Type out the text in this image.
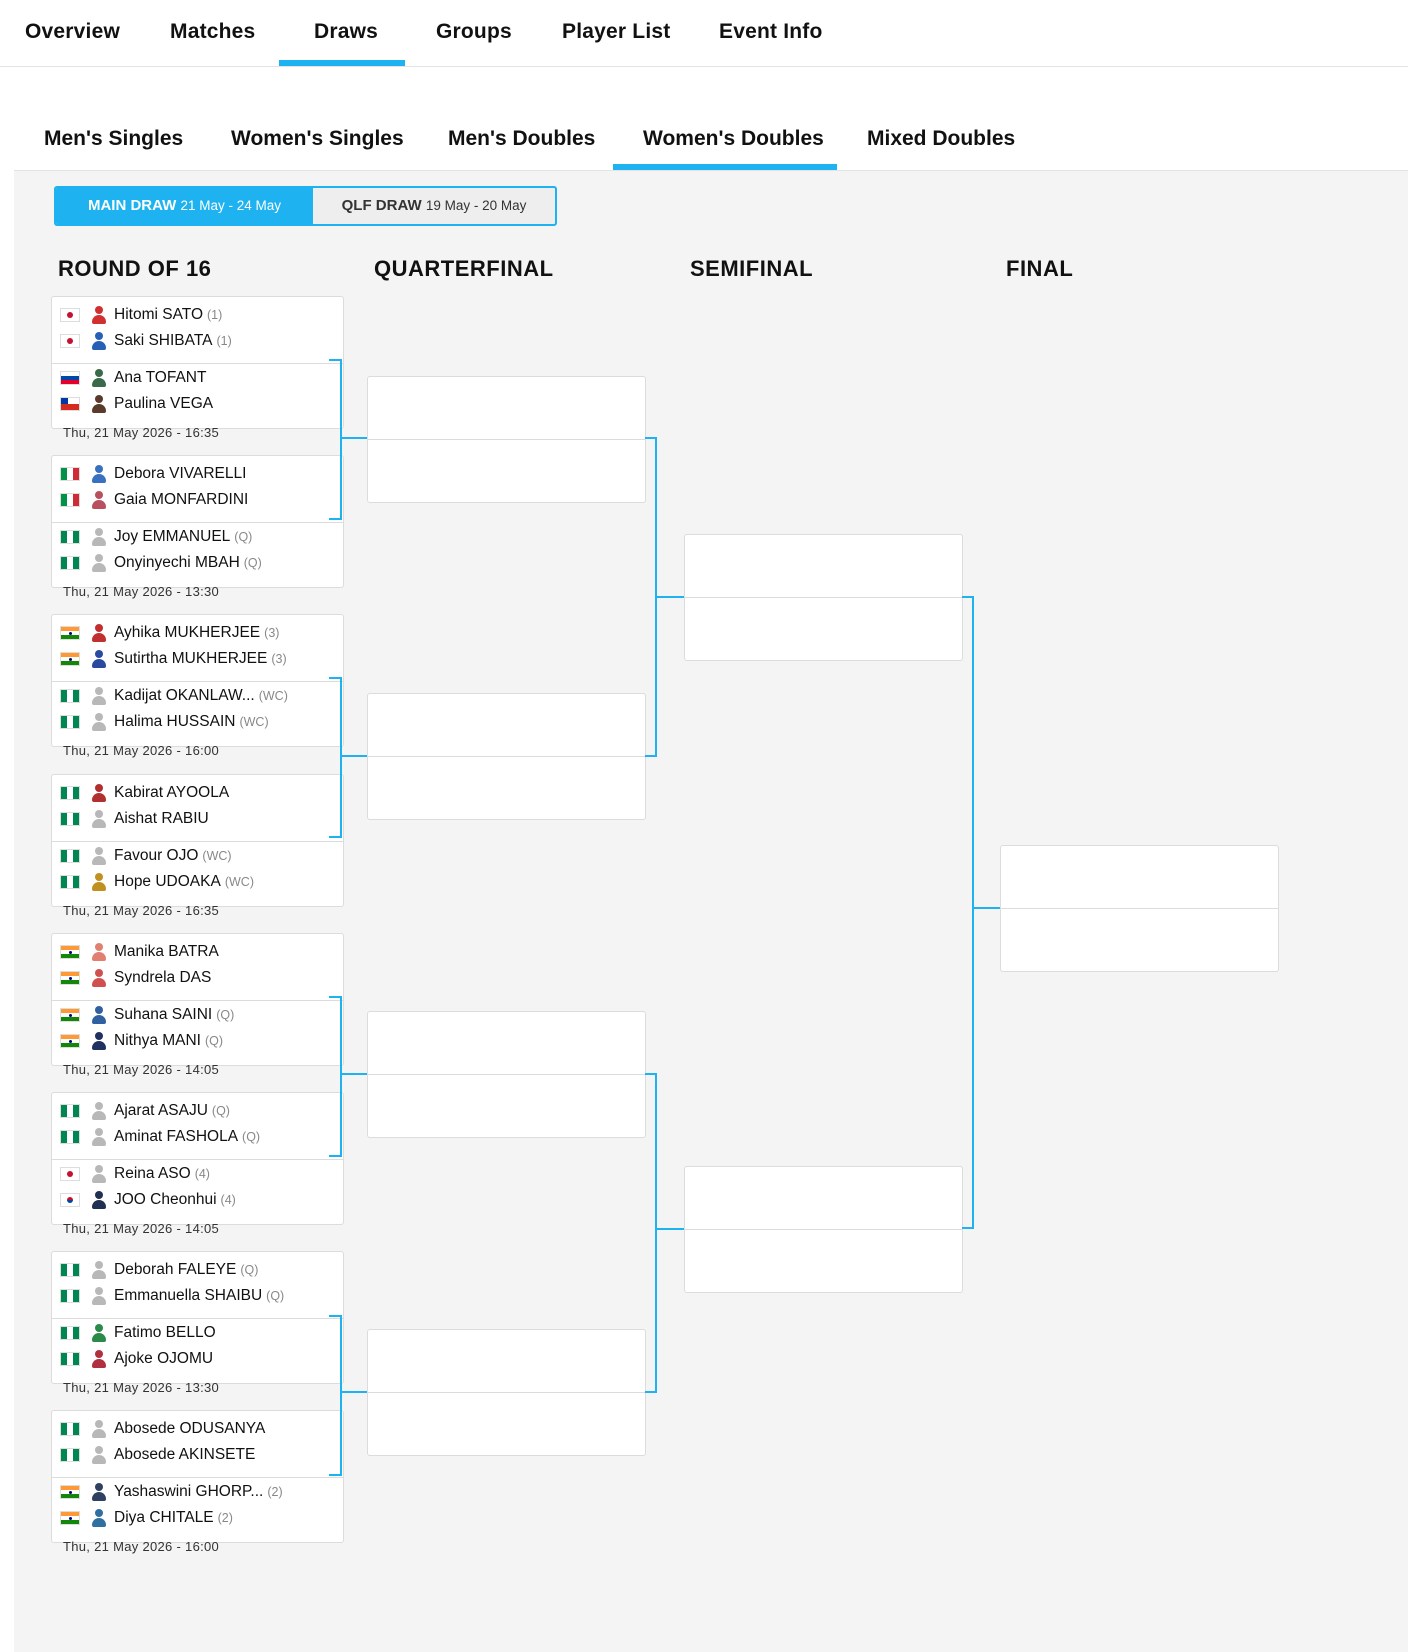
Overview Matches	Draws	Groups Player List Event Info
Men's Singles Women's Singles Men's Doubles Women's Doubles Mixed Doubles
MAIN DRAW 21 May - 24 May	QLF DRAW 19 May - 20 May
ROUND OF 16	QUARTERFINAL	SEMIFINAL	FINAL
Hitomi SATO (1)
Saki SHIBATA (1)
Ana TOFANT
Paulina VEGA
Thu, 21 May 2026 - 16:35
Debora VIVARELLI
Gaia MONFARDINI
Joy EMMANUEL (Q)
Onyinyechi MBAH (Q)
Thu, 21 May 2026 - 13:30
Ayhika MUKHERJEE (3)
Sutirtha MUKHERJEE (3)
Kadijat OKANLAW... (WC)
Halima HUSSAIN (WC)
Thu, 21 May 2026 - 16:00
Kabirat AYOOLA
Aishat RABIU
Favour OJO (WC)
Hope UDOAKA (WC)
Thu, 21 May 2026 - 16:35
Manika BATRA
Syndrela DAS
Suhana SAINI (Q)
Nithya MANI (Q)
Thu, 21 May 2026 - 14:05
Ajarat ASAJU (Q)
Aminat FASHOLA (Q)
Reina ASO (4)
JOO Cheonhui (4)
Thu, 21 May 2026 - 14:05
Deborah FALEYE (Q)
Emmanuella SHAIBU (Q)
Fatimo BELLO
Ajoke OJOMU
Thu, 21 May 2026 - 13:30
Abosede ODUSANYA
Abosede AKINSETE
Yashaswini GHORP... (2)
Diya CHITALE (2)
Thu, 21 May 2026 - 16:00
